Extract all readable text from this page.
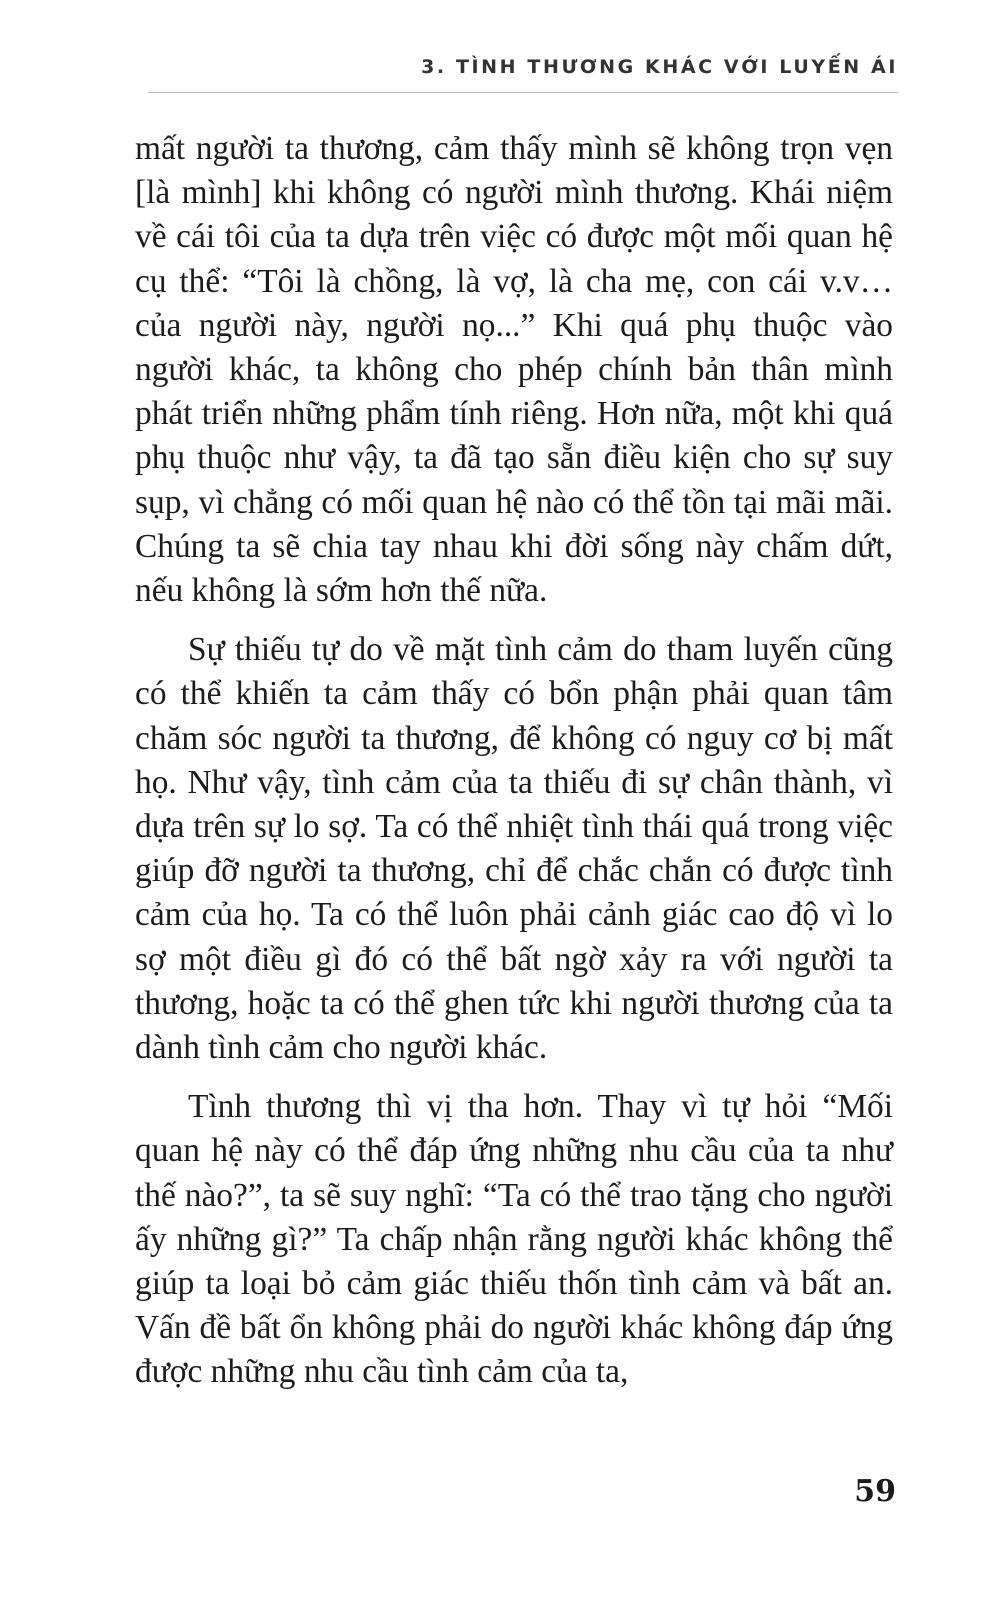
3. TÌNH THƯƠNG KHÁC VỚI LUYẾN ÁI

mất người ta thương, cảm thấy mình sẽ không trọn vẹn [là mình] khi không có người mình thương. Khái niệm về cái tôi của ta dựa trên việc có được một mối quan hệ cụ thể: “Tôi là chồng, là vợ, là cha mẹ, con cái v.v… của người này, người nọ...” Khi quá phụ thuộc vào người khác, ta không cho phép chính bản thân mình phát triển những phẩm tính riêng. Hơn nữa, một khi quá phụ thuộc như vậy, ta đã tạo sẵn điều kiện cho sự suy sụp, vì chẳng có mối quan hệ nào có thể tồn tại mãi mãi. Chúng ta sẽ chia tay nhau khi đời sống này chấm dứt, nếu không là sớm hơn thế nữa.

Sự thiếu tự do về mặt tình cảm do tham luyến cũng có thể khiến ta cảm thấy có bổn phận phải quan tâm chăm sóc người ta thương, để không có nguy cơ bị mất họ. Như vậy, tình cảm của ta thiếu đi sự chân thành, vì dựa trên sự lo sợ. Ta có thể nhiệt tình thái quá trong việc giúp đỡ người ta thương, chỉ để chắc chắn có được tình cảm của họ. Ta có thể luôn phải cảnh giác cao độ vì lo sợ một điều gì đó có thể bất ngờ xảy ra với người ta thương, hoặc ta có thể ghen tức khi người thương của ta dành tình cảm cho người khác.

Tình thương thì vị tha hơn. Thay vì tự hỏi “Mối quan hệ này có thể đáp ứng những nhu cầu của ta như thế nào?”, ta sẽ suy nghĩ: “Ta có thể trao tặng cho người ấy những gì?” Ta chấp nhận rằng người khác không thể giúp ta loại bỏ cảm giác thiếu thốn tình cảm và bất an. Vấn đề bất ổn không phải do người khác không đáp ứng được những nhu cầu tình cảm của ta,

59
